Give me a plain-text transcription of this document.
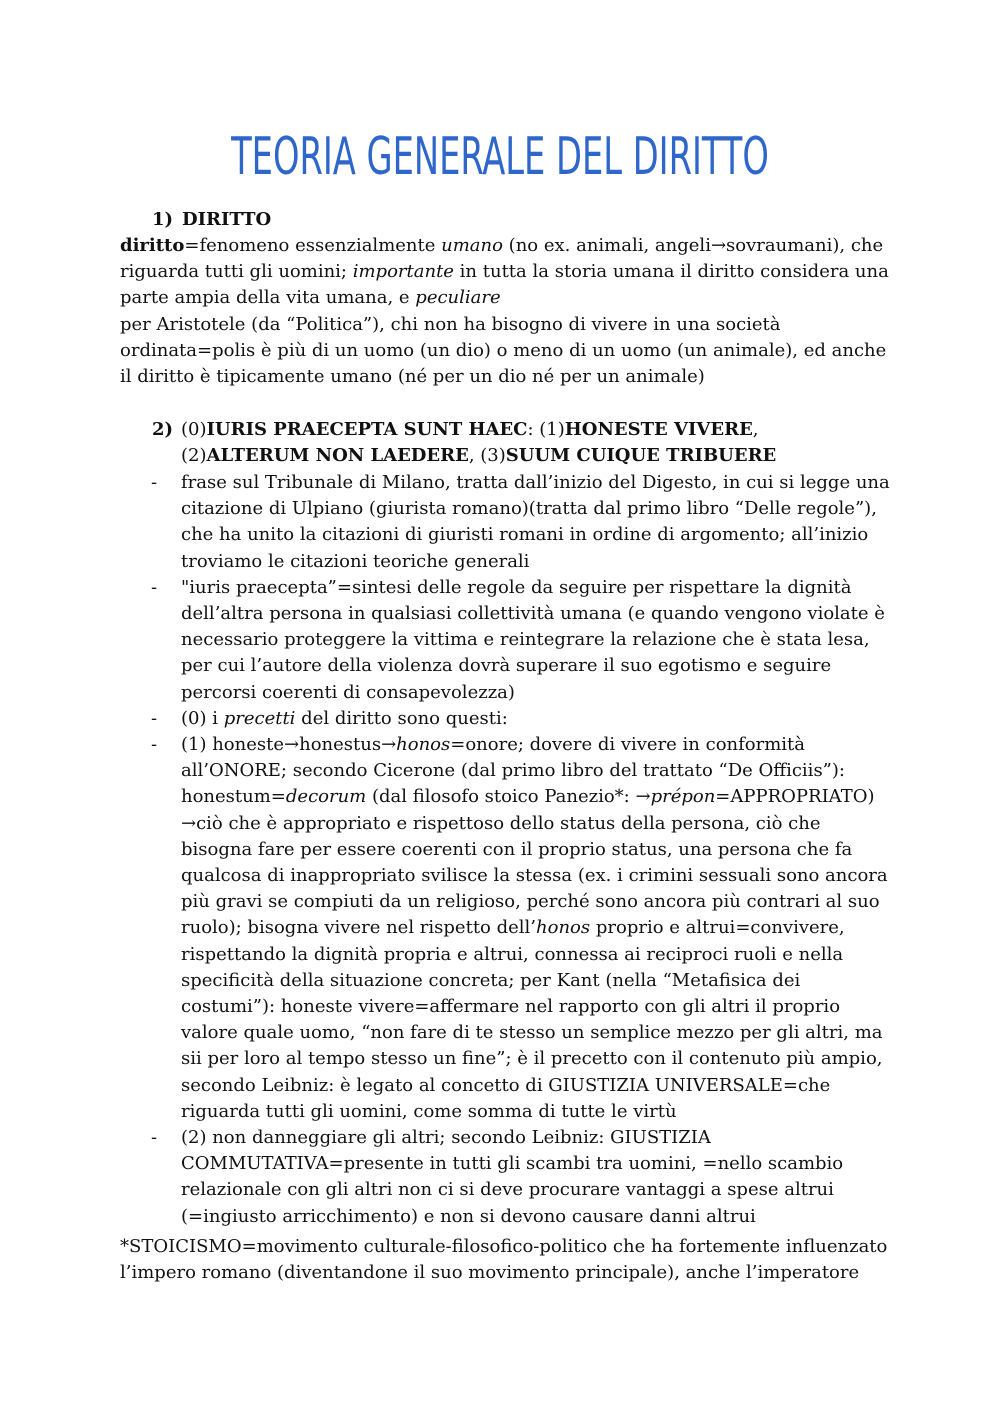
TEORIA GENERALE DEL DIRITTO
1) DIRITTO
diritto=fenomeno essenzialmente umano (no ex. animali, angeli→sovraumani), che riguarda tutti gli uomini; importante in tutta la storia umana il diritto considera una parte ampia della vita umana, e peculiare
per Aristotele (da “Politica”), chi non ha bisogno di vivere in una società ordinata=polis è più di un uomo (un dio) o meno di un uomo (un animale), ed anche il diritto è tipicamente umano (né per un dio né per un animale)
2) (0)IURIS PRAECEPTA SUNT HAEC: (1)HONESTE VIVERE, (2)ALTERUM NON LAEDERE, (3)SUUM CUIQUE TRIBUERE
- frase sul Tribunale di Milano, tratta dall’inizio del Digesto, in cui si legge una citazione di Ulpiano (giurista romano)(tratta dal primo libro “Delle regole”), che ha unito la citazioni di giuristi romani in ordine di argomento; all’inizio troviamo le citazioni teoriche generali
- "iuris praecepta”=sintesi delle regole da seguire per rispettare la dignità dell’altra persona in qualsiasi collettività umana (e quando vengono violate è necessario proteggere la vittima e reintegrare la relazione che è stata lesa, per cui l’autore della violenza dovrà superare il suo egotismo e seguire percorsi coerenti di consapevolezza)
- (0) i precetti del diritto sono questi:
- (1) honeste→honestus→honos=onore; dovere di vivere in conformità all’ONORE; secondo Cicerone (dal primo libro del trattato “De Officiis”): honestum=decorum (dal filosofo stoico Panezio*: →prépon=APPROPRIATO) →ciò che è appropriato e rispettoso dello status della persona, ciò che bisogna fare per essere coerenti con il proprio status, una persona che fa qualcosa di inappropriato svilisce la stessa (ex. i crimini sessuali sono ancora più gravi se compiuti da un religioso, perché sono ancora più contrari al suo ruolo); bisogna vivere nel rispetto dell’honos proprio e altrui=convivere, rispettando la dignità propria e altrui, connessa ai reciproci ruoli e nella specificità della situazione concreta; per Kant (nella “Metafisica dei costumi”): honeste vivere=affermare nel rapporto con gli altri il proprio valore quale uomo, “non fare di te stesso un semplice mezzo per gli altri, ma sii per loro al tempo stesso un fine”; è il precetto con il contenuto più ampio, secondo Leibniz: è legato al concetto di GIUSTIZIA UNIVERSALE=che riguarda tutti gli uomini, come somma di tutte le virtù
- (2) non danneggiare gli altri; secondo Leibniz: GIUSTIZIA COMMUTATIVA=presente in tutti gli scambi tra uomini, =nello scambio relazionale con gli altri non ci si deve procurare vantaggi a spese altrui (=ingiusto arricchimento) e non si devono causare danni altrui
*STOICISMO=movimento culturale-filosofico-politico che ha fortemente influenzato l’impero romano (diventandone il suo movimento principale), anche l’imperatore
